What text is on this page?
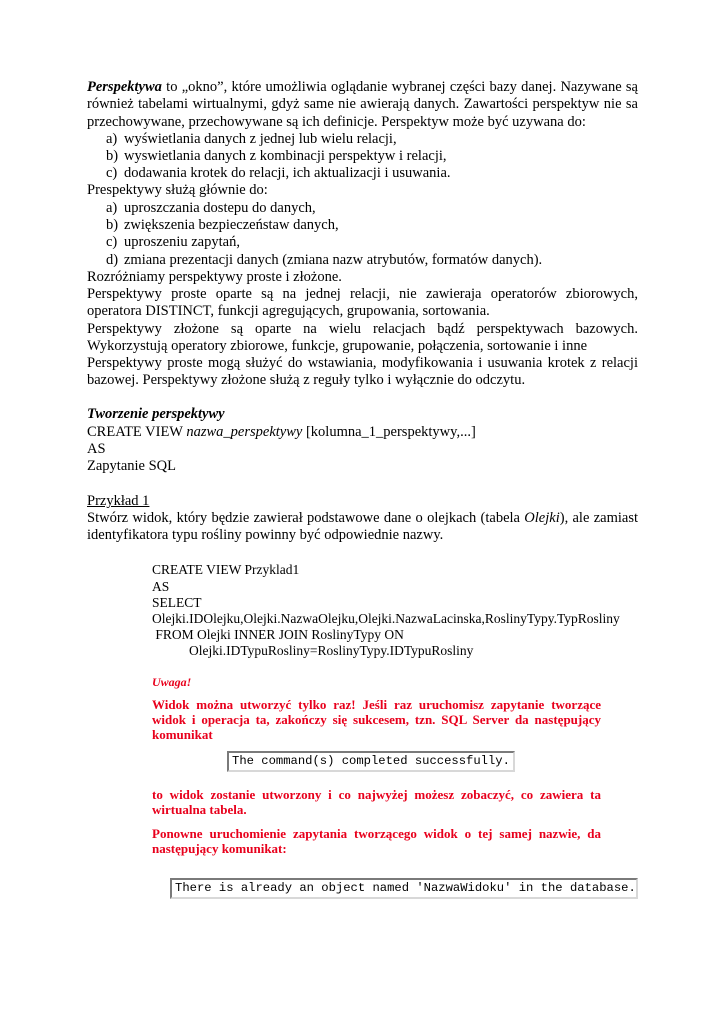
Perspektywa to „okno”, które umożliwia oglądanie wybranej części bazy danej. Nazywane są
również tabelami wirtualnymi, gdyż same nie awierają danych. Zawartości perspektyw nie sa
przechowywane, przechowywane są ich definicje. Perspektyw może być uzywana do:
a) wyświetlania danych z jednej lub wielu relacji,
b) wyswietlania danych z kombinacji perspektyw i relacji,
c) dodawania krotek do relacji, ich aktualizacji i usuwania.
Prespektywy służą głównie do:
a) uproszczania dostepu do danych,
b) zwiększenia bezpieczeństaw danych,
c) uproszeniu zapytań,
d) zmiana prezentacji danych (zmiana nazw atrybutów, formatów danych).
Rozróżniamy perspektywy proste i złożone.
Perspektywy proste oparte są na jednej relacji, nie zawieraja operatorów zbiorowych,
operatora DISTINCT, funkcji agregujących, grupowania, sortowania.
Perspektywy złożone są oparte na wielu relacjach bądź perspektywach bazowych.
Wykorzystują operatory zbiorowe, funkcje, grupowanie, połączenia, sortowanie i inne
Perspektywy proste mogą służyć do wstawiania, modyfikowania i usuwania krotek z relacji
bazowej. Perspektywy złożone służą z reguły tylko i wyłącznie do odczytu.
Tworzenie perspektywy
CREATE VIEW nazwa_perspektywy [kolumna_1_perspektywy,...]
AS
Zapytanie SQL
Przykład 1
Stwórz widok, który będzie zawierał podstawowe dane o olejkach (tabela Olejki), ale zamiast
identyfikatora typu rośliny powinny być odpowiednie nazwy.
CREATE VIEW Przyklad1
AS
SELECT
Olejki.IDOlejku,Olejki.NazwaOlejku,Olejki.NazwaLacinska,RoslinyTypy.TypRosliny
FROM Olejki INNER JOIN RoslinyTypy ON
Olejki.IDTypuRosliny=RoslinyTypy.IDTypuRosliny
Uwaga!
Widok można utworzyć tylko raz! Jeśli raz uruchomisz zapytanie tworzące
widok i operacja ta, zakończy się sukcesem, tzn. SQL Server da następujący
komunikat
The command(s) completed successfully.
to widok zostanie utworzony i co najwyżej możesz zobaczyć, co zawiera ta
wirtualna tabela.
Ponowne uruchomienie zapytania tworzącego widok o tej samej nazwie, da
następujący komunikat:
There is already an object named 'NazwaWidoku' in the database.
